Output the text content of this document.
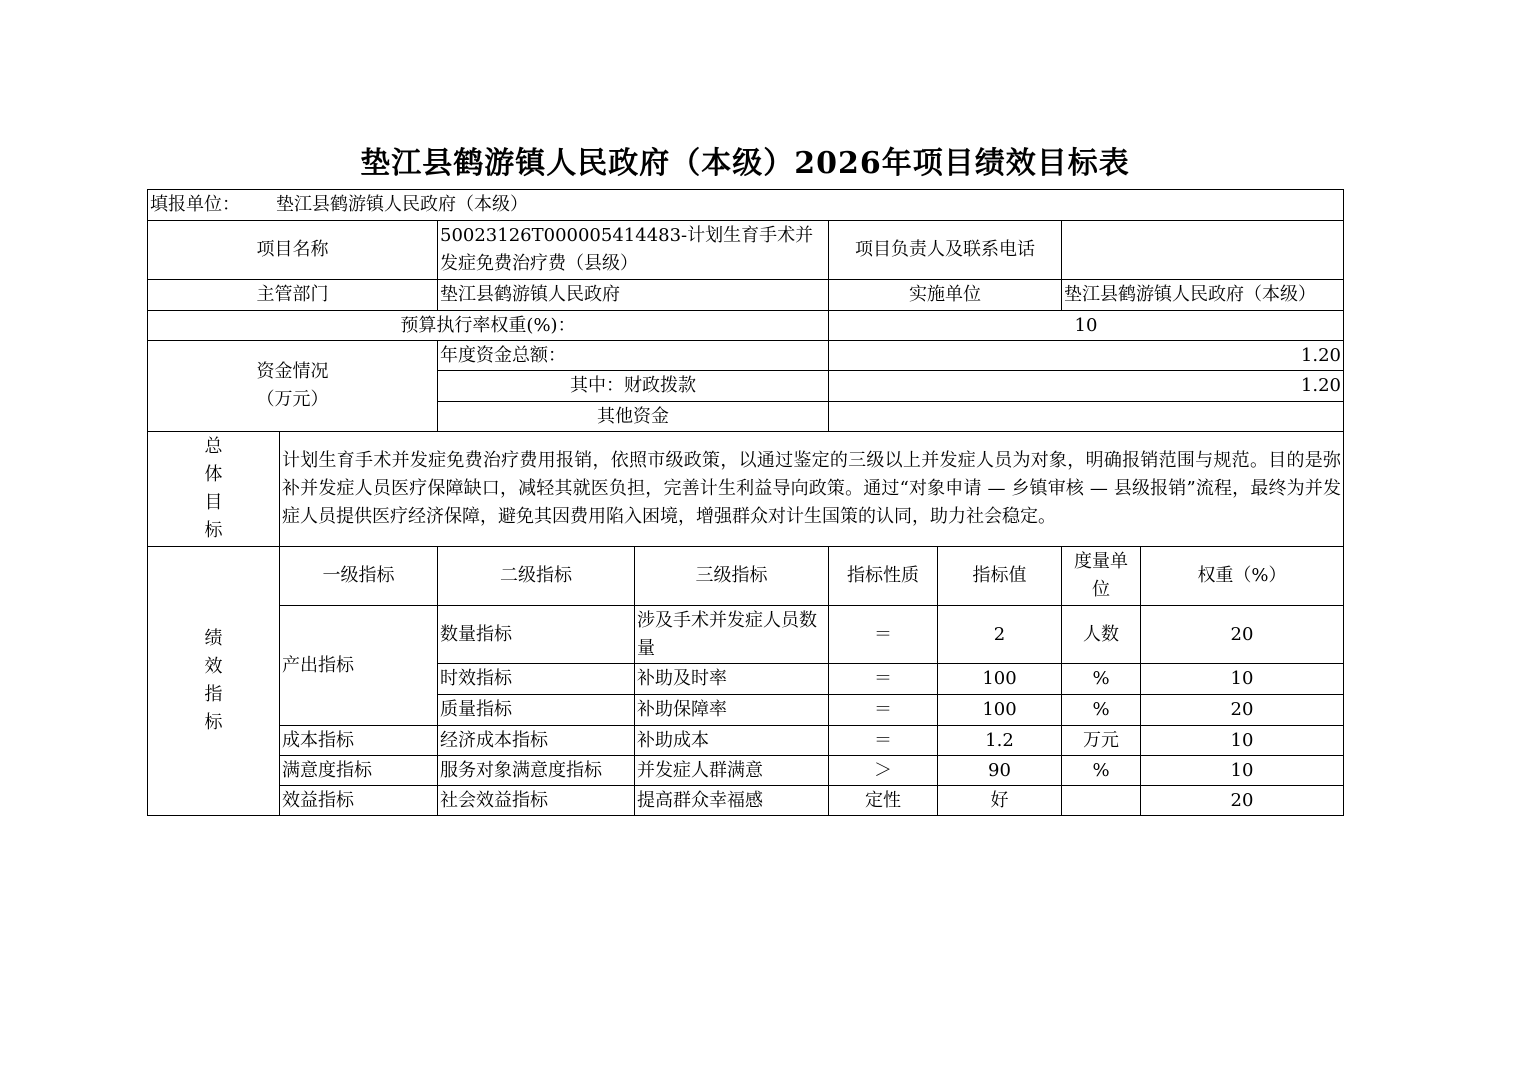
垫江县鹤游镇人民政府（本级）2026年项目绩效目标表
填报单位： 垫江县鹤游镇人民政府（本级）							
项目名称		50023126T000005414483-计划生育手术并发症免费治疗费（县级）		项目负责人及联系电话			
主管部门		垫江县鹤游镇人民政府		实施单位		垫江县鹤游镇人民政府（本级）	
预算执行率权重(%)：				10			

资金情况
（万元）		年度资金总额：		1.20			
		其中：财政拨款		1.20			
		其他资金					

总
体
目
标	计划生育手术并发症免费治疗费用报销，依照市级政策，以通过鉴定的三级以上并发症人员为对象，明确报销范围与规范。目的是弥补并发症人员医疗保障缺口，减轻其就医负担，完善计生利益导向政策。通过“对象申请 — 乡镇审核 — 县级报销”流程，最终为并发症人员提供医疗经济保障，避免其因费用陷入困境，增强群众对计生国策的认同，助力社会稳定。						

绩
效
指
标	一级指标	二级指标	三级指标	指标性质	指标值	度量单位	权重（%）
	产出指标	数量指标	涉及手术并发症人员数量	＝	2	人数	20
		时效指标	补助及时率	＝	100	%	10
		质量指标	补助保障率	＝	100	%	20
	成本指标	经济成本指标	补助成本	＝	1.2	万元	10
	满意度指标	服务对象满意度指标	并发症人群满意	＞	90	%	10
	效益指标	社会效益指标	提高群众幸福感	定性	好		20
